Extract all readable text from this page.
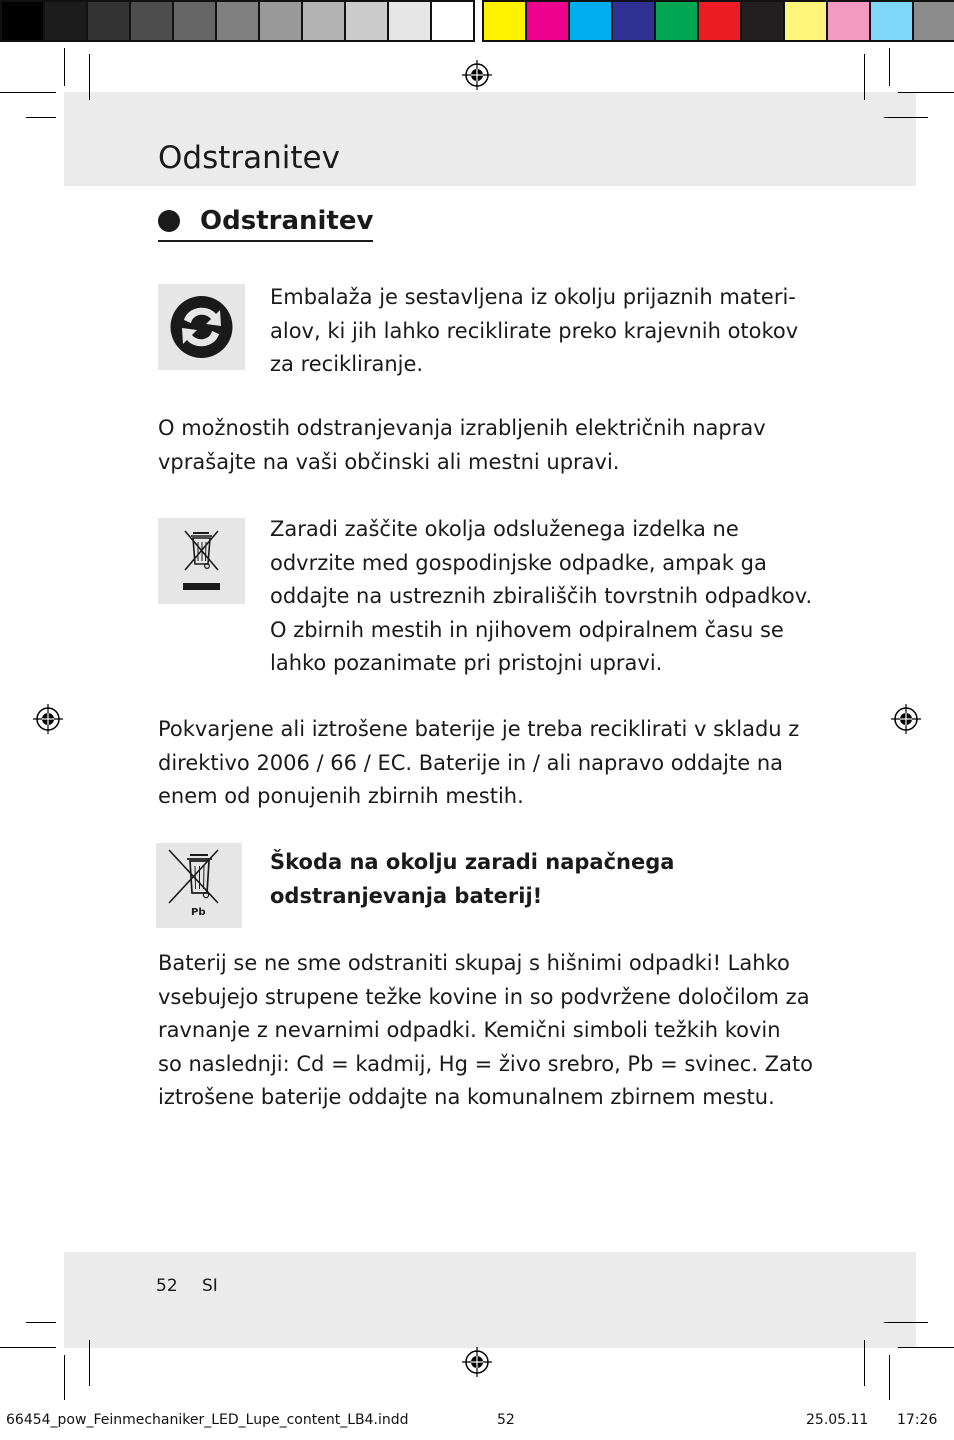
Odstranitev
Odstranitev
Embalaža je sestavljena iz okolju prijaznih materi-
alov, ki jih lahko reciklirate preko krajevnih otokov
za recikliranje.
O možnostih odstranjevanja izrabljenih električnih naprav
vprašajte na vaši občinski ali mestni upravi.
Zaradi zaščite okolja odsluženega izdelka ne
odvrzite med gospodinjske odpadke, ampak ga
oddajte na ustreznih zbirališčih tovrstnih odpadkov.
O zbirnih mestih in njihovem odpiralnem času se
lahko pozanimate pri pristojni upravi.
Pokvarjene ali iztrošene baterije je treba reciklirati v skladu z
direktivo 2006 / 66 / EC. Baterije in / ali napravo oddajte na
enem od ponujenih zbirnih mestih.
Pb
Škoda na okolju zaradi napačnega
odstranjevanja baterij!
Baterij se ne sme odstraniti skupaj s hišnimi odpadki! Lahko
vsebujejo strupene težke kovine in so podvržene določilom za
ravnanje z nevarnimi odpadki. Kemični simboli težkih kovin
so naslednji: Cd = kadmij, Hg = živo srebro, Pb = svinec. Zato
iztrošene baterije oddajte na komunalnem zbirnem mestu.
52 SI
66454_pow_Feinmechaniker_LED_Lupe_content_LB4.indd	52	25.05.11 17:26
